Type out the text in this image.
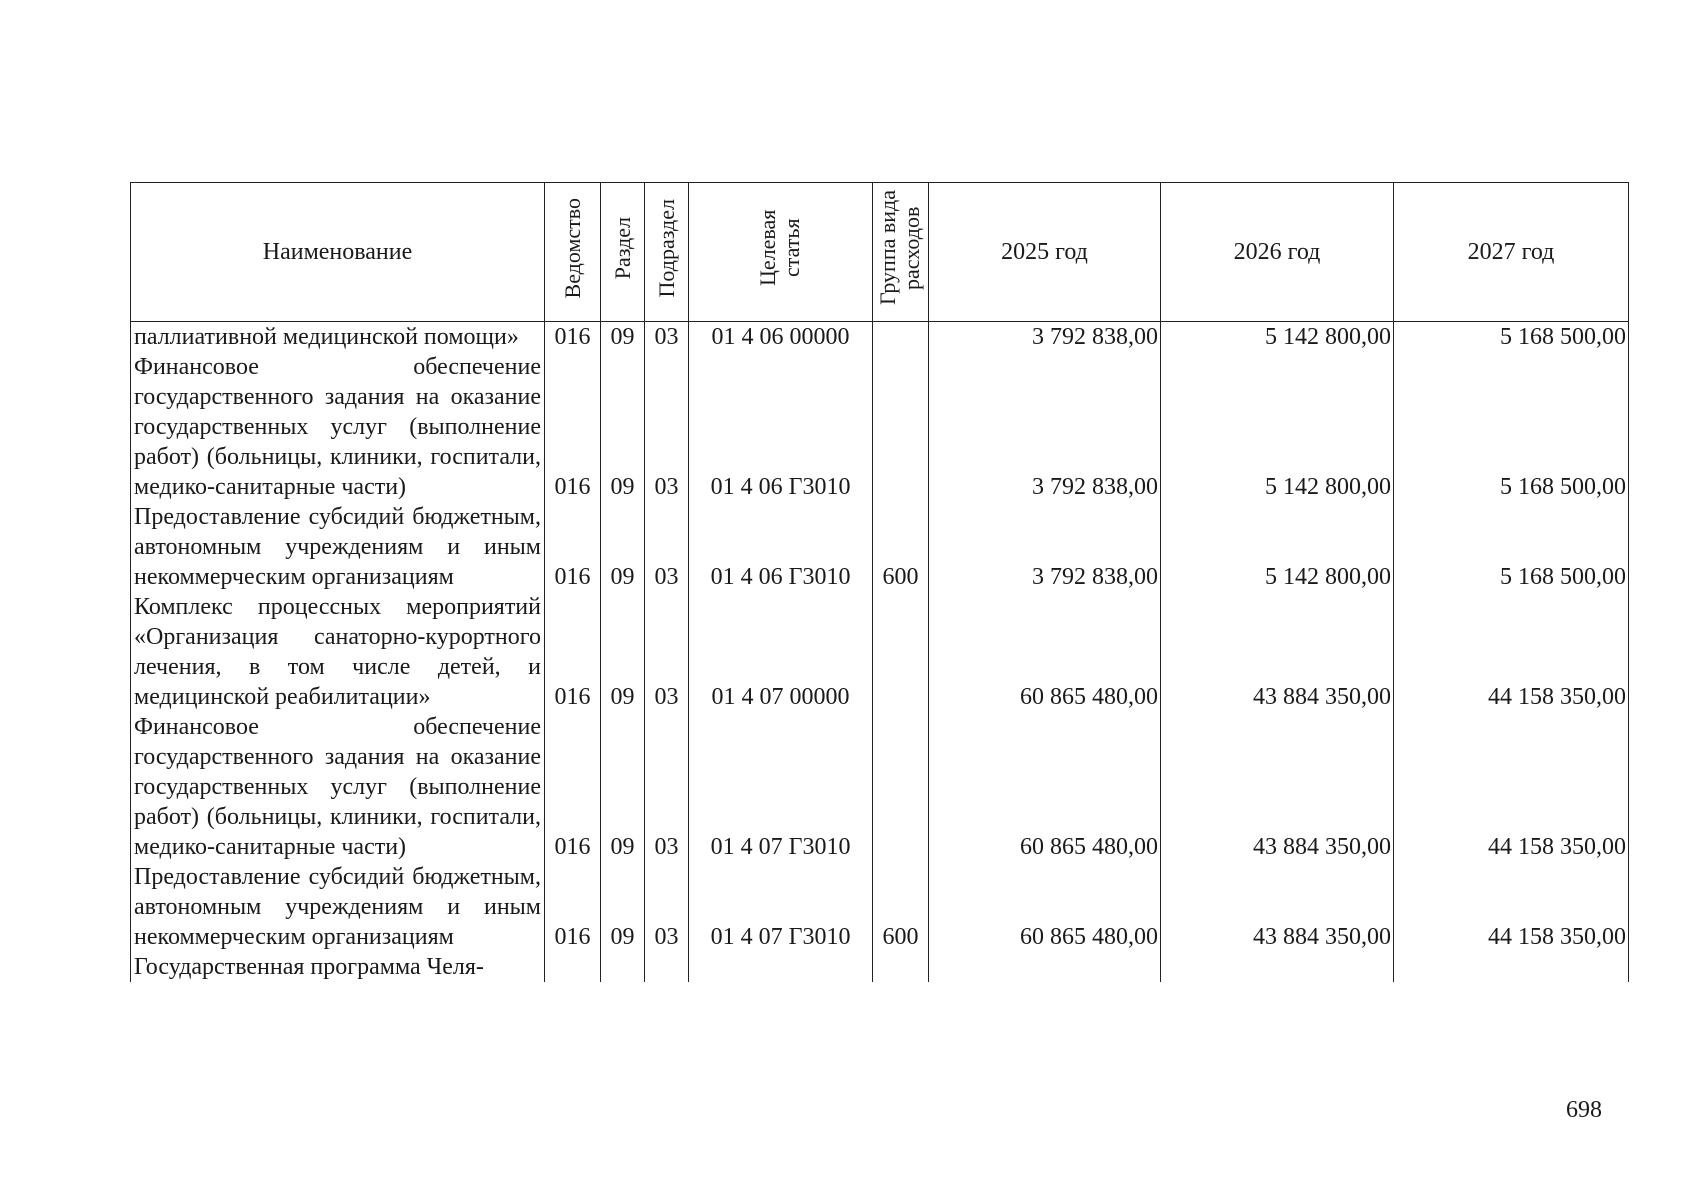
Наименование	Ведомство	Раздел	Подраздел	Целевая статья	Группа вида расходов	2025 год	2026 год	2027 год
паллиативной медицинской помощи»	016	09	03	01 4 06 00000		3 792 838,00	5 142 800,00	5 168 500,00
Финансовое обеспечение государственного задания на оказание государственных услуг (выполнение работ) (больницы, клиники, госпитали, медико-санитарные части)	016	09	03	01 4 06 Г3010		3 792 838,00	5 142 800,00	5 168 500,00
Предоставление субсидий бюджетным, автономным учреждениям и иным некоммерческим организациям	016	09	03	01 4 06 Г3010	600	3 792 838,00	5 142 800,00	5 168 500,00
Комплекс процессных мероприятий «Организация санаторно-курортного лечения, в том числе детей, и медицинской реабилитации»	016	09	03	01 4 07 00000		60 865 480,00	43 884 350,00	44 158 350,00
Финансовое обеспечение государственного задания на оказание государственных услуг (выполнение работ) (больницы, клиники, госпитали, медико-санитарные части)	016	09	03	01 4 07 Г3010		60 865 480,00	43 884 350,00	44 158 350,00
Предоставление субсидий бюджетным, автономным учреждениям и иным некоммерческим организациям	016	09	03	01 4 07 Г3010	600	60 865 480,00	43 884 350,00	44 158 350,00
Государственная программа Челя-								
698
